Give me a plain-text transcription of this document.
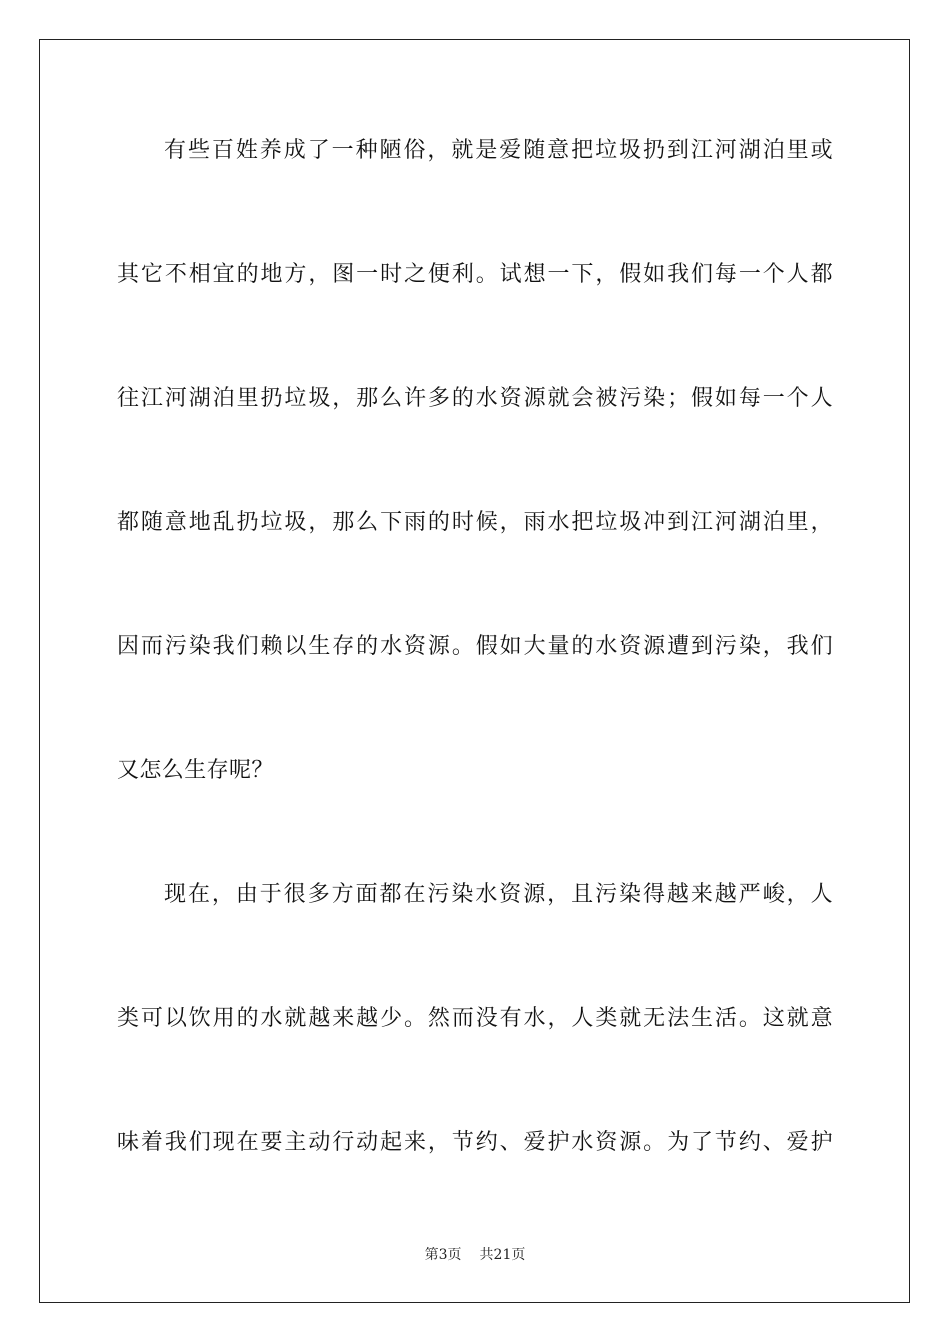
有些百姓养成了一种陋俗，就是爱随意把垃圾扔到江河湖泊里或
其它不相宜的地方，图一时之便利。试想一下，假如我们每一个人都
往江河湖泊里扔垃圾，那么许多的水资源就会被污染；假如每一个人
都随意地乱扔垃圾，那么下雨的时候，雨水把垃圾冲到江河湖泊里，
因而污染我们赖以生存的水资源。假如大量的水资源遭到污染，我们
又怎么生存呢？
现在，由于很多方面都在污染水资源，且污染得越来越严峻，人
类可以饮用的水就越来越少。然而没有水，人类就无法生活。这就意
味着我们现在要主动行动起来，节约、爱护水资源。为了节约、爱护
第3页 共21页
